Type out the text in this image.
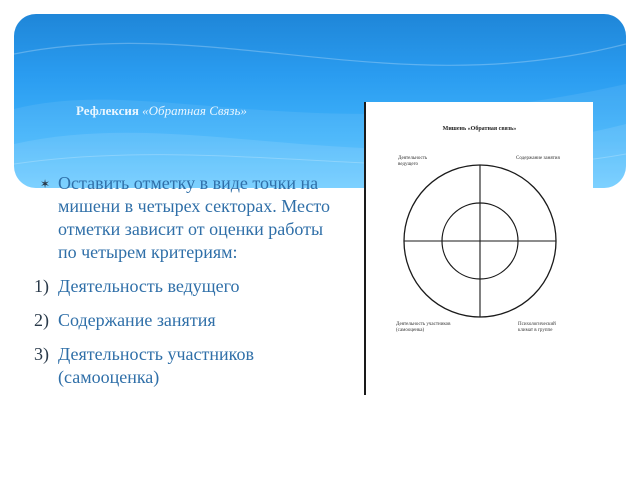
Рефлексия «Обратная Связь»
✶ Оставить отметку в виде точки на мишени в четырех секторах. Место отметки зависит от оценки работы по четырем критериям:
1) Деятельность ведущего
2) Содержание занятия
3) Деятельность участников (самооценка)
Мишень «Обратная связь»
Деятельность ведущего
Содержание занятия
Деятельность участников (самооценка)
Психологический климат в группе
